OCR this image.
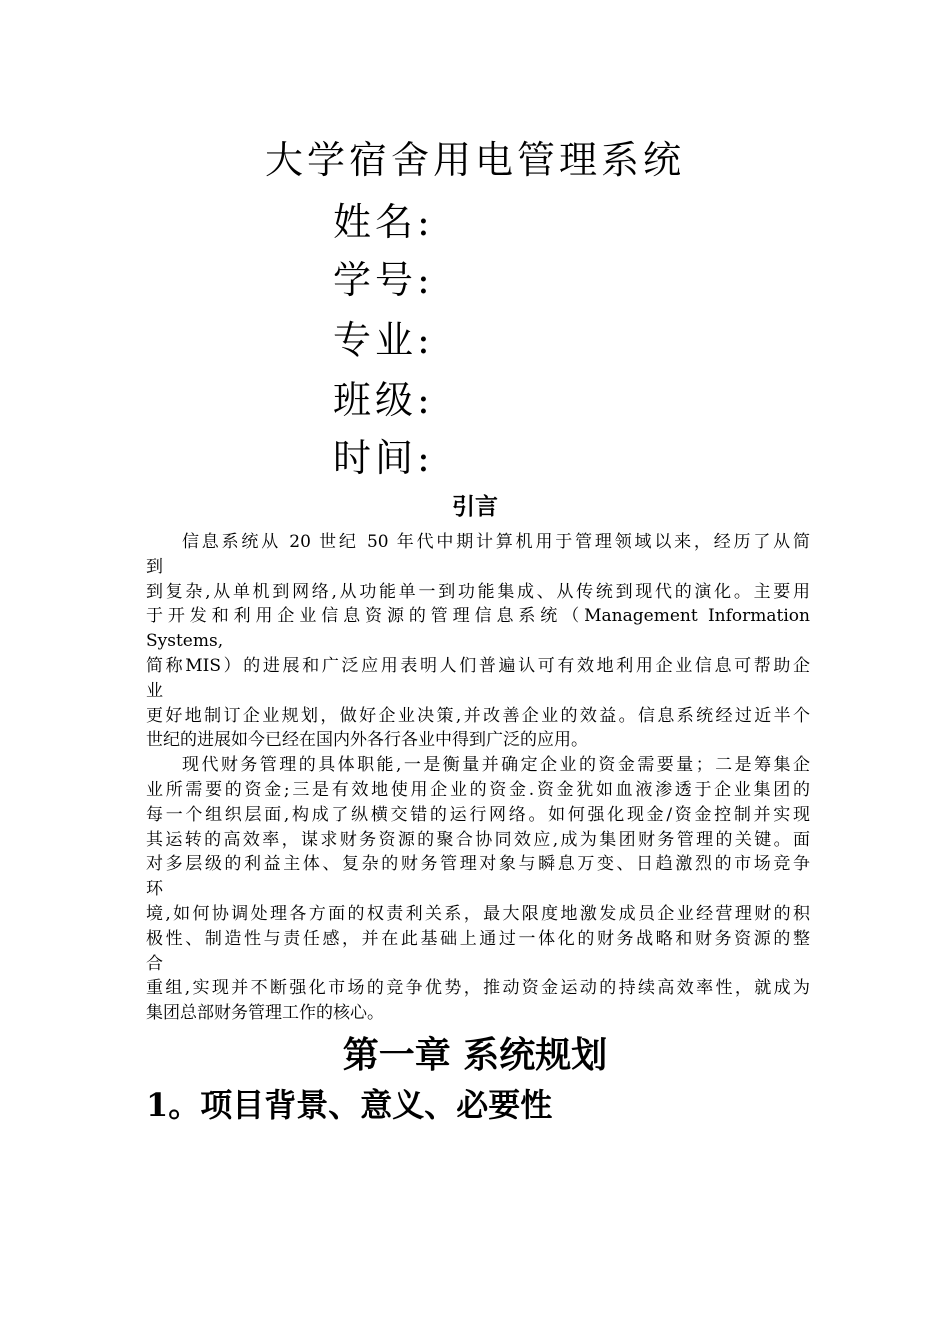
大学宿舍用电管理系统
姓名:
学号:
专业:
班级:
时间:
引言
信息系统从 20 世纪 50 年代中期计算机用于管理领域以来，经历了从简
到
到复杂,从单机到网络,从功能单一到功能集成、从传统到现代的演化。主要用
于开发和利用企业信息资源的管理信息系统（Management Information
Systems,
简称MIS）的进展和广泛应用表明人们普遍认可有效地利用企业信息可帮助企
业
更好地制订企业规划，做好企业决策,并改善企业的效益。信息系统经过近半个
世纪的进展如今已经在国内外各行各业中得到广泛的应用。
现代财务管理的具体职能,一是衡量并确定企业的资金需要量；二是筹集企
业所需要的资金;三是有效地使用企业的资金.资金犹如血液渗透于企业集团的
每一个组织层面,构成了纵横交错的运行网络。如何强化现金/资金控制并实现
其运转的高效率，谋求财务资源的聚合协同效应,成为集团财务管理的关键。面
对多层级的利益主体、复杂的财务管理对象与瞬息万变、日趋激烈的市场竞争
环
境,如何协调处理各方面的权责利关系，最大限度地激发成员企业经营理财的积
极性、制造性与责任感，并在此基础上通过一体化的财务战略和财务资源的整
合
重组,实现并不断强化市场的竞争优势，推动资金运动的持续高效率性，就成为
集团总部财务管理工作的核心。
第一章 系统规划
1。项目背景、意义、必要性
